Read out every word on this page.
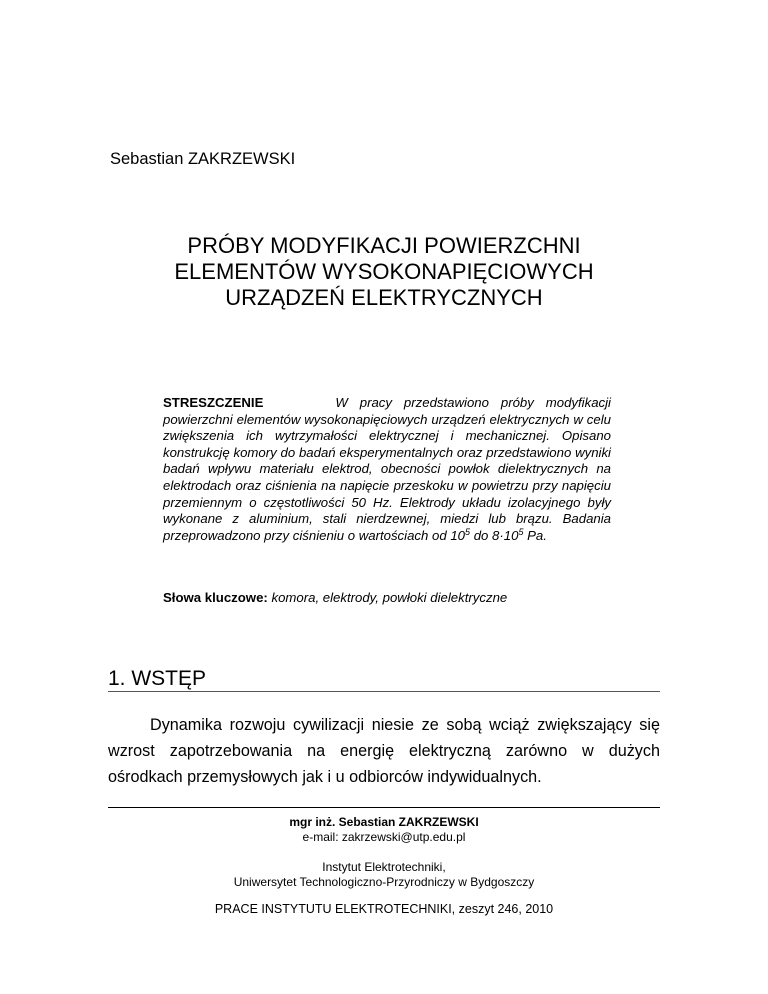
Sebastian ZAKRZEWSKI
PRÓBY MODYFIKACJI POWIERZCHNI
ELEMENTÓW WYSOKONAPIĘCIOWYCH
URZĄDZEŃ ELEKTRYCZNYCH
STRESZCZENIE	W pracy przedstawiono próby modyfikacji powierzchni elementów wysokonapięciowych urządzeń elektrycznych w celu zwiększenia ich wytrzymałości elektrycznej i mechanicznej. Opisano konstrukcję komory do badań eksperymentalnych oraz przedstawiono wyniki badań wpływu materiału elektrod, obecności powłok dielektrycznych na elektrodach oraz ciśnienia na napięcie przeskoku w powietrzu przy napięciu przemiennym o częstotliwości 50 Hz. Elektrody układu izolacyjnego były wykonane z aluminium, stali nierdzewnej, miedzi lub brązu. Badania przeprowadzono przy ciśnieniu o wartościach od $10^5$ do $8\cdot 10^5$ Pa.
Słowa kluczowe: komora, elektrody, powłoki dielektryczne
1. WSTĘP

Dynamika rozwoju cywilizacji niesie ze sobą wciąż zwiększający się wzrost zapotrzebowania na energię elektryczną zarówno w dużych ośrodkach przemysłowych jak i u odbiorców indywidualnych.

mgr inż. Sebastian ZAKRZEWSKI
e-mail: zakrzewski@utp.edu.pl
Instytut Elektrotechniki,
Uniwersytet Technologiczno-Przyrodniczy w Bydgoszczy
PRACE INSTYTUTU ELEKTROTECHNIKI, zeszyt 246, 2010
